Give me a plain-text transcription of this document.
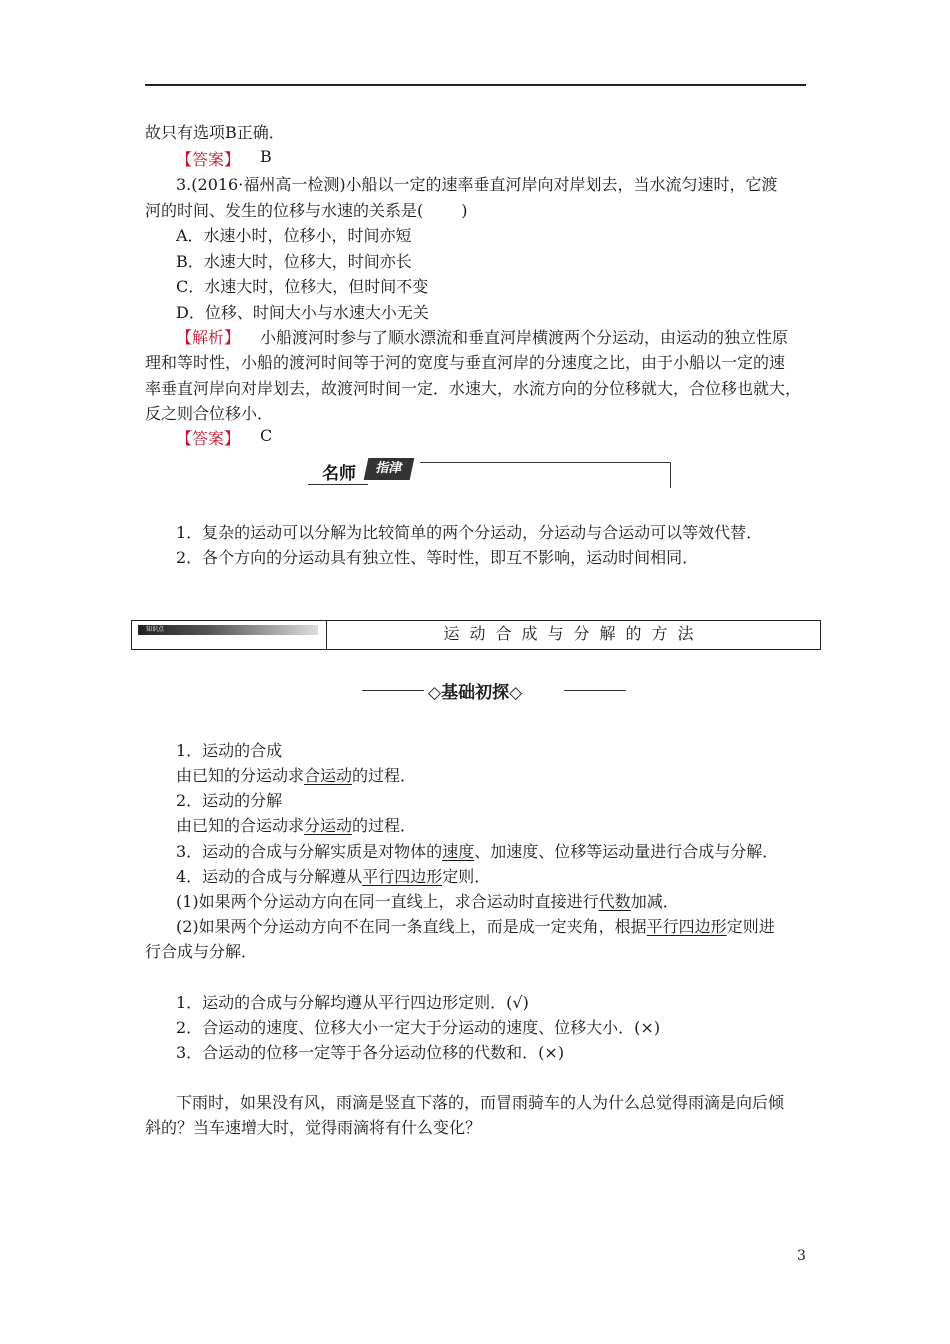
故只有选项B正确．
【答案】 B
3.(2016·福州高一检测)小船以一定的速率垂直河岸向对岸划去，当水流匀速时，它渡
河的时间、发生的位移与水速的关系是( )
A．水速小时，位移小，时间亦短
B．水速大时，位移大，时间亦长
C．水速大时，位移大，但时间不变
D．位移、时间大小与水速大小无关
【解析】 小船渡河时参与了顺水漂流和垂直河岸横渡两个分运动，由运动的独立性原
理和等时性，小船的渡河时间等于河的宽度与垂直河岸的分速度之比，由于小船以一定的速
率垂直河岸向对岸划去，故渡河时间一定．水速大，水流方向的分位移就大，合位移也就大，
反之则合位移小．
【答案】 C
名师	指津
1．复杂的运动可以分解为比较简单的两个分运动，分运动与合运动可以等效代替．
2．各个方向的分运动具有独立性、等时性，即互不影响，运动时间相同．
知识点	运动合成与分解的方法
◇基础初探◇
1．运动的合成
由已知的分运动求合运动的过程．
2．运动的分解
由已知的合运动求分运动的过程．
3．运动的合成与分解实质是对物体的速度、加速度、位移等运动量进行合成与分解．
4．运动的合成与分解遵从平行四边形定则．
(1)如果两个分运动方向在同一直线上，求合运动时直接进行代数加减．
(2)如果两个分运动方向不在同一条直线上，而是成一定夹角，根据平行四边形定则进
行合成与分解．
1．运动的合成与分解均遵从平行四边形定则．(√)
2．合运动的速度、位移大小一定大于分运动的速度、位移大小．(×)
3．合运动的位移一定等于各分运动位移的代数和．(×)
下雨时，如果没有风，雨滴是竖直下落的，而冒雨骑车的人为什么总觉得雨滴是向后倾
斜的？当车速增大时，觉得雨滴将有什么变化？
3
